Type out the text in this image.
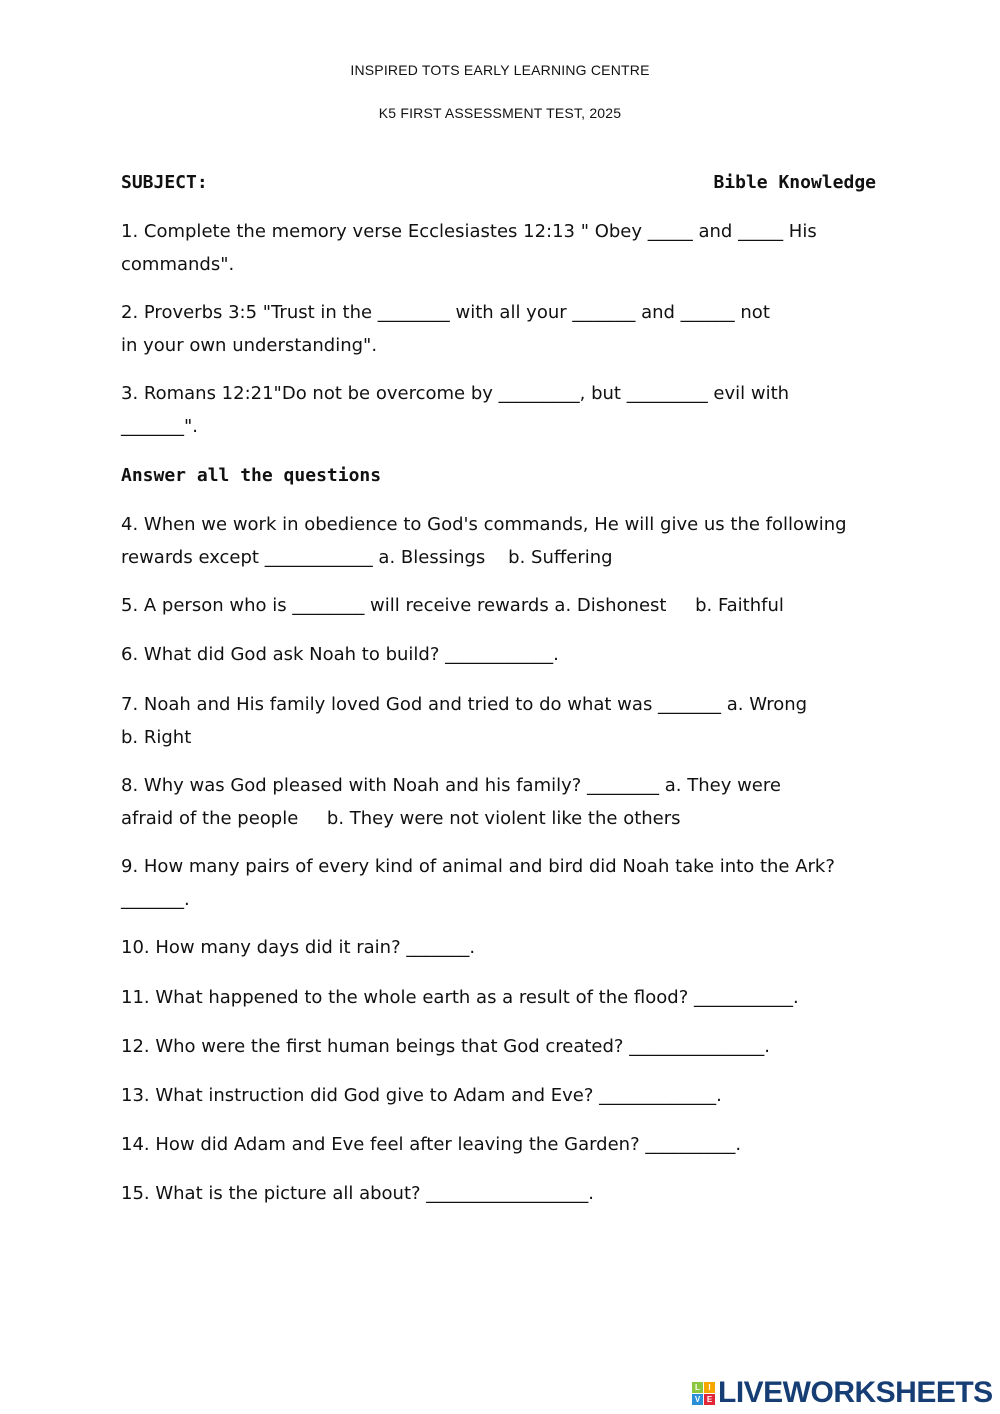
INSPIRED TOTS EARLY LEARNING CENTRE
K5 FIRST ASSESSMENT TEST, 2025
SUBJECT:	Bible Knowledge
1. Complete the memory verse Ecclesiastes 12:13 " Obey _____ and _____ His
commands".
2. Proverbs 3:5 "Trust in the ________ with all your _______ and ______ not
in your own understanding".
3. Romans 12:21"Do not be overcome by _________, but _________ evil with
_______".
4. When we work in obedience to God's commands, He will give us the following
rewards except ____________ a. Blessings    b. Suffering
5. A person who is ________ will receive rewards a. Dishonest     b. Faithful
6. What did God ask Noah to build? ____________.
7. Noah and His family loved God and tried to do what was _______ a. Wrong
b. Right
8. Why was God pleased with Noah and his family? ________ a. They were
afraid of the people     b. They were not violent like the others
9. How many pairs of every kind of animal and bird did Noah take into the Ark?
_______.
10. How many days did it rain? _______.
11. What happened to the whole earth as a result of the flood? ___________.
12. Who were the first human beings that God created? _______________.
13. What instruction did God give to Adam and Eve? _____________.
14. How did Adam and Eve feel after leaving the Garden? __________.
15. What is the picture all about? __________________.
Answer all the questions
L	I
V E LIVEWORKSHEETS
